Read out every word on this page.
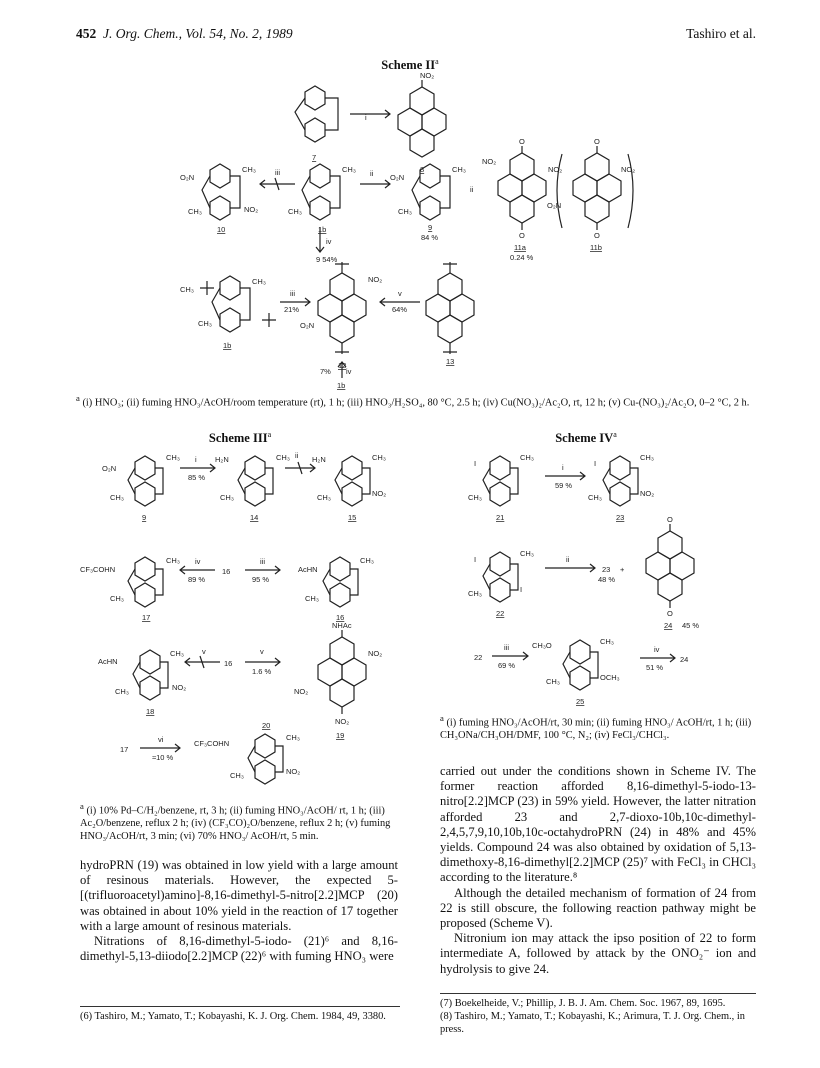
452 J. Org. Chem., Vol. 54, No. 2, 1989	Tashiro et al.
Scheme $II^a$
NO₂
i
7
8
O₂N
CH₃
CH₃	NO₂
iii
10
CH₃
CH₃
1b
ii O₂N
CH₃
CH₃
9
84 %
ii
NO₂
NO₂
O
O
11a
0.24 %
NO₂
O₂N
O
O
11b
iv
9 54%
CH₃
CH₃
CH₃
1b
iii
21%
NO₂
O₂N
12
v
64%
13
7% iv
1b
$^a$ (i) HNO₃; (ii) fuming HNO₃/AcOH/room temperature (rt), 1 h; (iii) HNO₃/H₂SO₄, 80 °C, 2.5 h; (iv) Cu(NO₃)₂/Ac₂O, rt, 12 h; (v) Cu-(NO₃)₂/Ac₂O, 0–2 °C, 2 h.
Scheme III$^a$
O₂N
CH₃
CH₃
9
i
85 %
H₂N	CH₃
CH₃
14
ii H₂N	CH₃
CH₃	NO₂
15
CF₃COHN
CH₃
CH₃
17
iv
89 %
16
iii
95 %
AcHN
CH₃
CH₃
16
AcHN
CH₃
CH₃	NO₂
18
v
16
v
1.6 %
NHAc
NO₂
NO₂
NO₂
19
17
vi
≈10 %
CF₃COHN
CH₃
CH₃	NO₂
20
$^a$ (i) 10% Pd–C/H₂/benzene, rt, 3 h; (ii) fuming HNO₃/AcOH/ rt, 1 h; (iii) Ac₂O/benzene, reflux 2 h; (iv) (CF₃CO)₂O/benzene, reflux 2 h; (v) fuming HNO₃/AcOH/rt, 3 min; (vi) 70% HNO₃/ AcOH/rt, 5 min.
Scheme $IV^a$
I
CH₃
CH₃
21
i
59 %
I
CH₃
CH₃	NO₂
23
I
CH₃
CH₃	I
22
ii
23 +
48 %
O
O
24 45 %
22
iii
69 %
CH₃O	CH₃
CH₃	OCH₃
25
iv
51 %
24
$^a$ (i) fuming HNO₃/AcOH/rt, 30 min; (ii) fuming HNO₃/ AcOH/rt, 1 h; (iii) CH₃ONa/CH₃OH/DMF, 100 °C, N₂; (iv) FeCl₃/CHCl₃.

hydroPRN (19) was obtained in low yield with a large amount of resinous materials. However, the expected 5-[(trifluoroacetyl)amino]-8,16-dimethyl-5-nitro[2.2]MCP (20) was obtained in about 10% yield in the reaction of 17 together with a large amount of resinous materials.

Nitrations of 8,16-dimethyl-5-iodo- (21)⁶ and 8,16-dimethyl-5,13-diiodo[2.2]MCP (22)⁶ with fuming HNO₃ were

carried out under the conditions shown in Scheme IV. The former reaction afforded 8,16-dimethyl-5-iodo-13-nitro[2.2]MCP (23) in 59% yield. However, the latter nitration afforded 23 and 2,7-dioxo-10b,10c-dimethyl-2,4,5,7,9,10,10b,10c-octahydroPRN (24) in 48% and 45% yields. Compound 24 was also obtained by oxidation of 5,13-dimethoxy-8,16-dimethyl[2.2]MCP (25)⁷ with FeCl₃ in CHCl₃ according to the literature.⁸

Although the detailed mechanism of formation of 24 from 22 is still obscure, the following reaction pathway might be proposed (Scheme V).

Nitronium ion may attack the ipso position of 22 to form intermediate A, followed by attack by the ONO₂⁻ ion and hydrolysis to give 24.

(6) Tashiro, M.; Yamato, T.; Kobayashi, K. J. Org. Chem. 1984, 49, 3380.
(7) Boekelheide, V.; Phillip, J. B. J. Am. Chem. Soc. 1967, 89, 1695.
(8) Tashiro, M.; Yamato, T.; Kobayashi, K.; Arimura, T. J. Org. Chem., in press.
